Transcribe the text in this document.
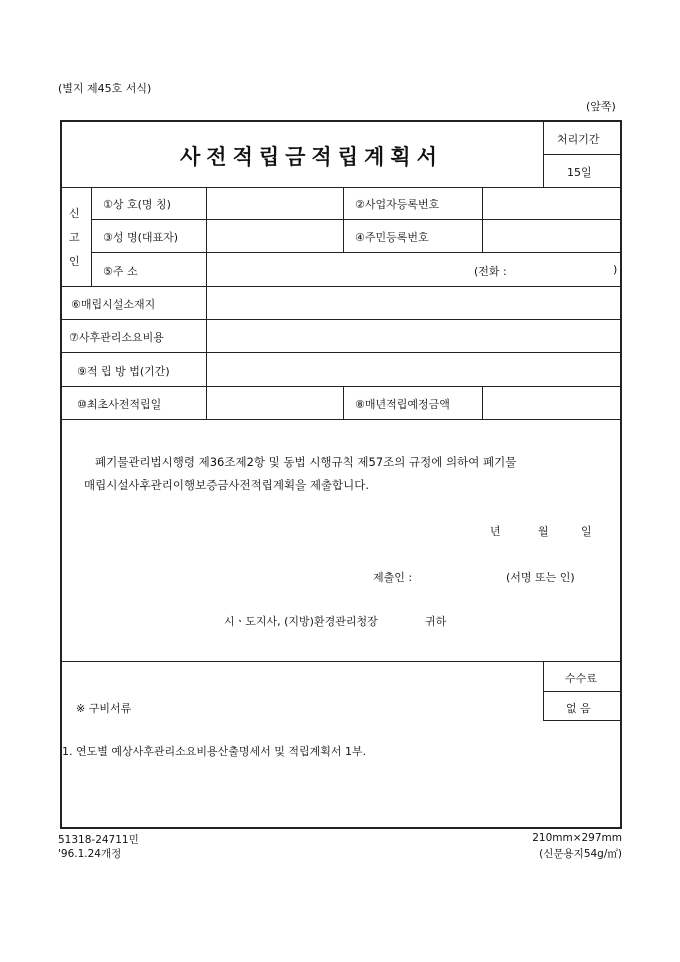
(별지 제45호 서식)
(앞쪽)
사전적립금적립계획서
처리기간
15일
신
고
인
①상 호(명 칭)	②사업자등록번호
③성 명(대표자)	④주민등록번호
⑤주 소	(전화 :	)
⑥매립시설소재지
⑦사후관리소요비용
⑨적 립 방 법(기간)
⑩최초사전적립일	⑧매년적립예정금액
폐기물관리법시행령 제36조제2항 및 동법 시행규칙 제57조의 규정에 의하여 폐기물
매립시설사후관리이행보증금사전적립계획을 제출합니다.
년	월	일
제출인 :	(서명 또는 인)
시ㆍ도지사, (지방)환경관리청장	귀하
수수료
없 음
※ 구비서류
1. 연도별 예상사후관리소요비용산출명세서 및 적립계획서 1부.
51318-24711민
'96.1.24개정
210mm×297mm
(신문용지54g/㎡)
